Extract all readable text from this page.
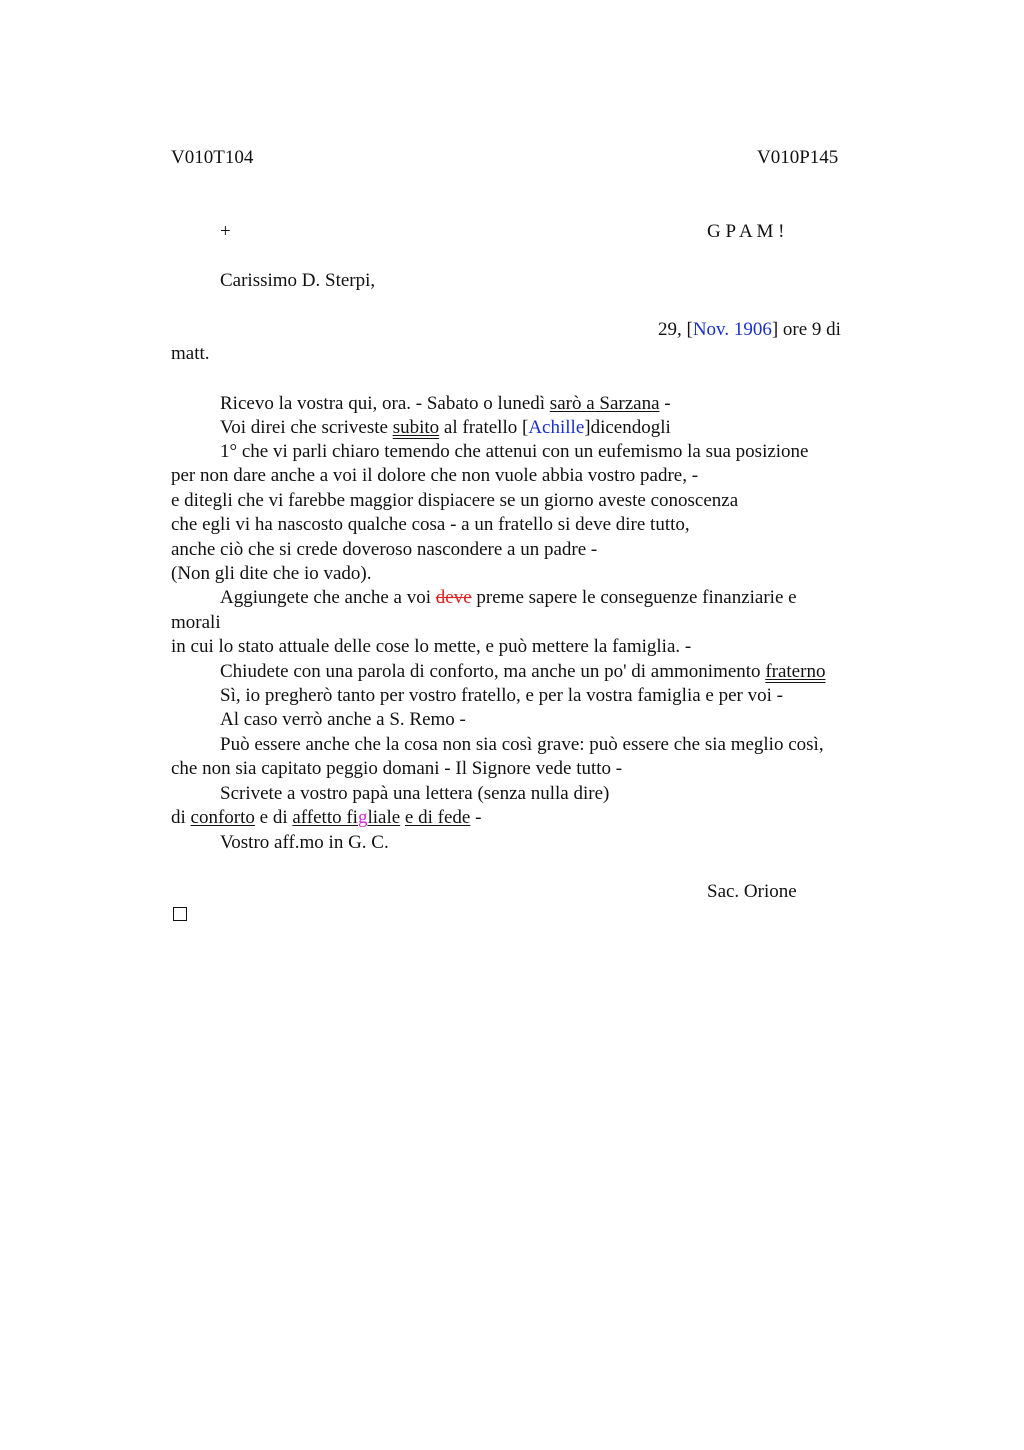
V010T104	V010P145
+	G P A M !
Carissimo D. Sterpi,
29, [Nov. 1906] ore 9 di
matt.
Ricevo la vostra qui, ora. - Sabato o lunedì sarò a Sarzana -
Voi direi che scriveste subito al fratello [Achille]dicendogli
1° che vi parli chiaro temendo che attenui con un eufemismo la sua posizione
per non dare anche a voi il dolore che non vuole abbia vostro padre, -
e ditegli che vi farebbe maggior dispiacere se un giorno aveste conoscenza
che egli vi ha nascosto qualche cosa - a un fratello si deve dire tutto,
anche ciò che si crede doveroso nascondere a un padre -
(Non gli dite che io vado).
Aggiungete che anche a voi deve preme sapere le conseguenze finanziarie e
morali
in cui lo stato attuale delle cose lo mette, e può mettere la famiglia. -
Chiudete con una parola di conforto, ma anche un po' di ammonimento fraterno
Sì, io pregherò tanto per vostro fratello, e per la vostra famiglia e per voi -
Al caso verrò anche a S. Remo -
Può essere anche che la cosa non sia così grave: può essere che sia meglio così,
che non sia capitato peggio domani - Il Signore vede tutto -
Scrivete a vostro papà una lettera (senza nulla dire)
di conforto e di affetto figliale e di fede -
Vostro aff.mo in G. C.
Sac. Orione
